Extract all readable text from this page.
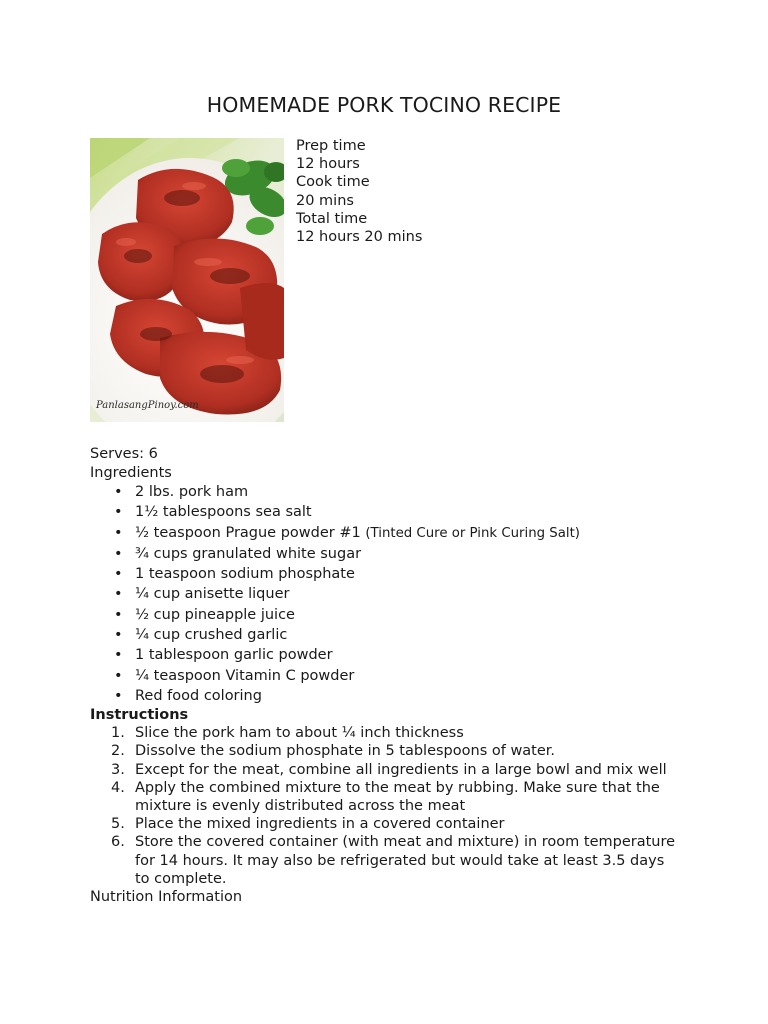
HOMEMADE PORK TOCINO RECIPE
PanlasangPinoy.com
Prep time
12 hours
Cook time
20 mins
Total time
12 hours 20 mins
Serves: 6
Ingredients
• 2 lbs. pork ham
• 1½ tablespoons sea salt
• ½ teaspoon Prague powder #1 (Tinted Cure or Pink Curing Salt)
• ¾ cups granulated white sugar
• 1 teaspoon sodium phosphate
• ¼ cup anisette liquer
• ½ cup pineapple juice
• ¼ cup crushed garlic
• 1 tablespoon garlic powder
• ¼ teaspoon Vitamin C powder
• Red food coloring
Instructions
1. Slice the pork ham to about ¼ inch thickness
2. Dissolve the sodium phosphate in 5 tablespoons of water.
3. Except for the meat, combine all ingredients in a large bowl and mix well
4. Apply the combined mixture to the meat by rubbing. Make sure that the mixture is evenly distributed across the meat
5. Place the mixed ingredients in a covered container
6. Store the covered container (with meat and mixture) in room temperature for 14 hours. It may also be refrigerated but would take at least 3.5 days to complete.
Nutrition Information
